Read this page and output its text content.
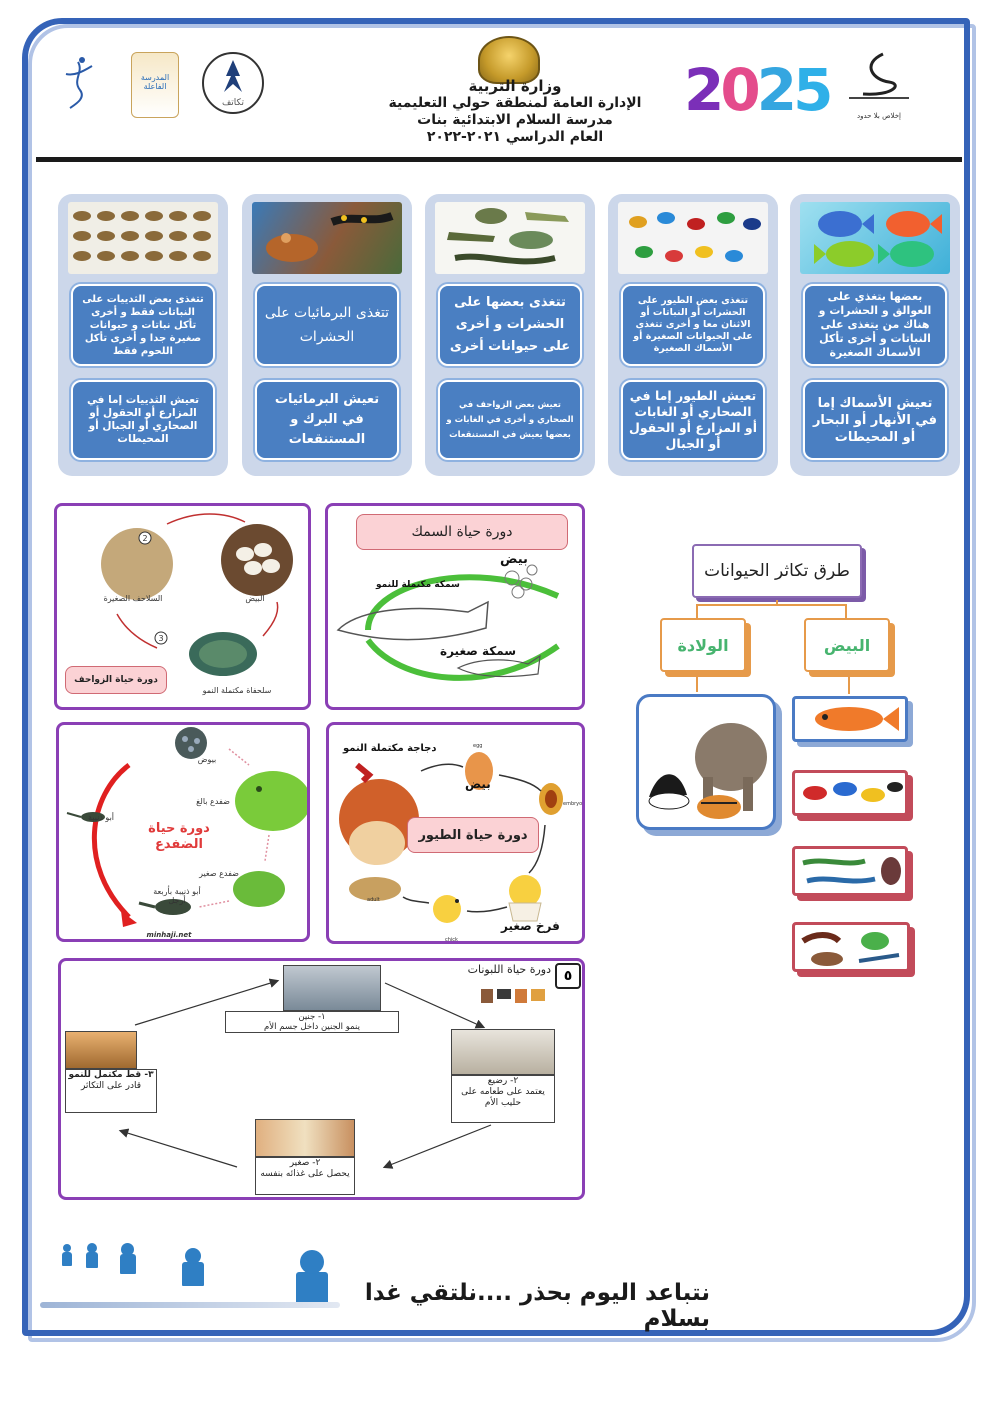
وزارة التربية
الإدارة العامة لمنطقة حولي التعليمية
مدرسة السلام الابتدائية بنات
العام الدراسي ٢٠٢١-٢٠٢٢
2025	إخلاص بلا حدود
تكاتف
المدرسة الفاعلة
بعضها يتغذي على العوالق و الحشرات و هناك من يتغذى على النباتات و أخرى تأكل الأسماك الصغيرة
تعيش الأسماك إما في الأنهار أو البحار أو المحيطات
تتغذى بعض الطيور على الحشرات أو النباتات أو الاثنان معا و أخرى تتغذى على الحيوانات الصغيرة أو الأسماك الصغيرة
تعيش الطيور إما في الصحاري أو الغابات أو المزارع أو الحقول أو الجبال
تتغذى بعضها على الحشرات و أخرى على حيوانات أخرى
تعيش بعض الزواحف في الصحاري و أخرى في الغابات و بعضها يعيش في المستنقعات
تتغذى البرمائيات على الحشرات
تعيش البرمائيات في البرك و المستنقعات
تتغذى بعض الثدييات على النباتات فقط و أخرى تأكل نباتات و حيوانات صغيرة جدا و أخرى تأكل اللحوم فقط
تعيش الثدييات إما في المزارع أو الحقول أو الصحاري أو الجبال أو المحيطات
2
3
البيض
السلاحف الصغيرة
سلحفاة مكتملة النمو
دورة حياة الزواحف
دورة حياة السمك
بيض
سمكة مكتملة للنمو
سمكة صغيرة
بيوض
أبو ذنيبة
ضفدع بالغ
ضفدع صغير
أبو ذنيبة بأربعة أرجل
minhaji.net
دورة حياة الضفدع
دجاجة مكتملة النمو
بيض
فرخ صغير
egg
embryo
chick
adult
دورة حياة الطيور
٥
دورة حياة اللبونات
١- جنين
ينمو الجنين داخل جسم الأم
٢- رضيع
يعتمد على طعامه على حليب الأم
٢- صغير
يحصل على غذائه بنفسه
٣- قط مكتمل للنمو
قادر على التكاثر
طرق تكاثر الحيوانات
البيض
الولادة
نتباعد اليوم بحذر ....نلتقي غدا بسلام
